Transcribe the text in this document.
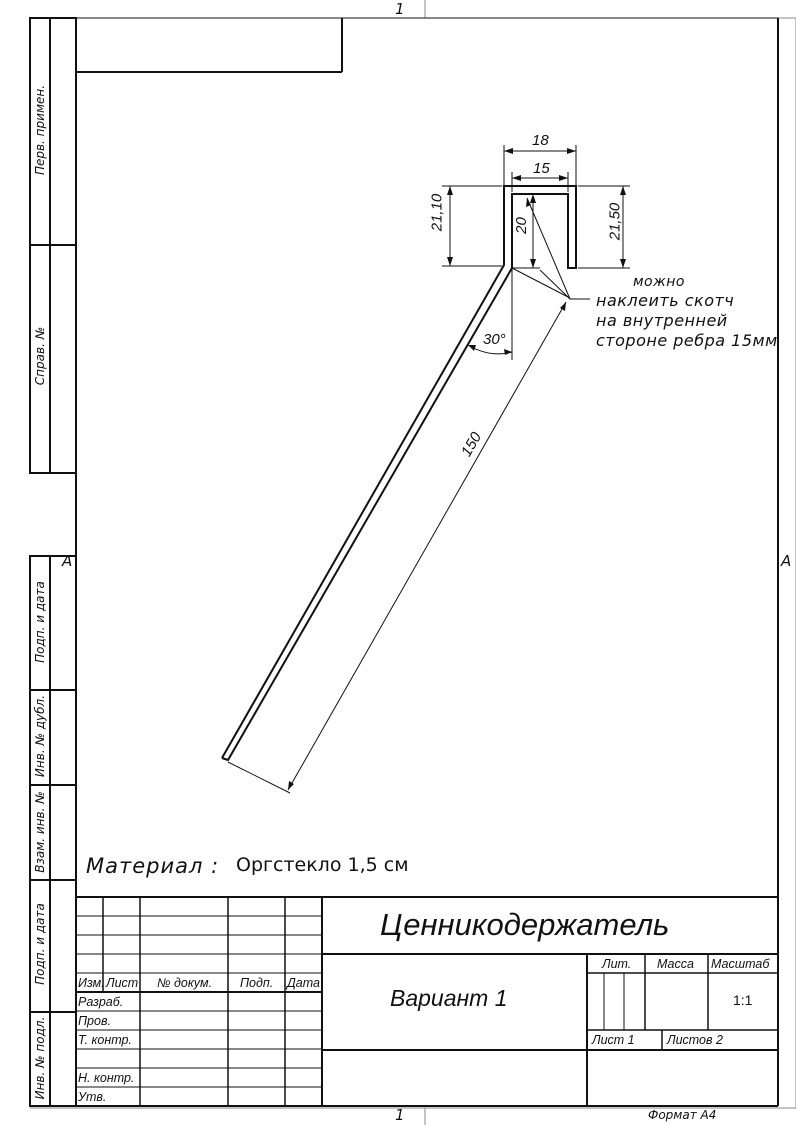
1
1
A	A
Формат А4
Перв. примен.
Справ. №
Подп. и дата
Инв. № дубл.
Взам. инв. №
Подп. и дата
Инв. № подл.
18
15
21,10	20	21,50
30°
150
можно
наклеить скотч
на внутренней
стороне ребра 15мм
Материал : Оргстекло 1,5 см
Ценникодержатель
Вариант 1
Изм. Лист № докум. Подп. Дата
Разраб.
Пров.
Т. контр.
Н. контр.
Утв.
Лит. Масса Масштаб
1:1
Лист 1	Листов 2
